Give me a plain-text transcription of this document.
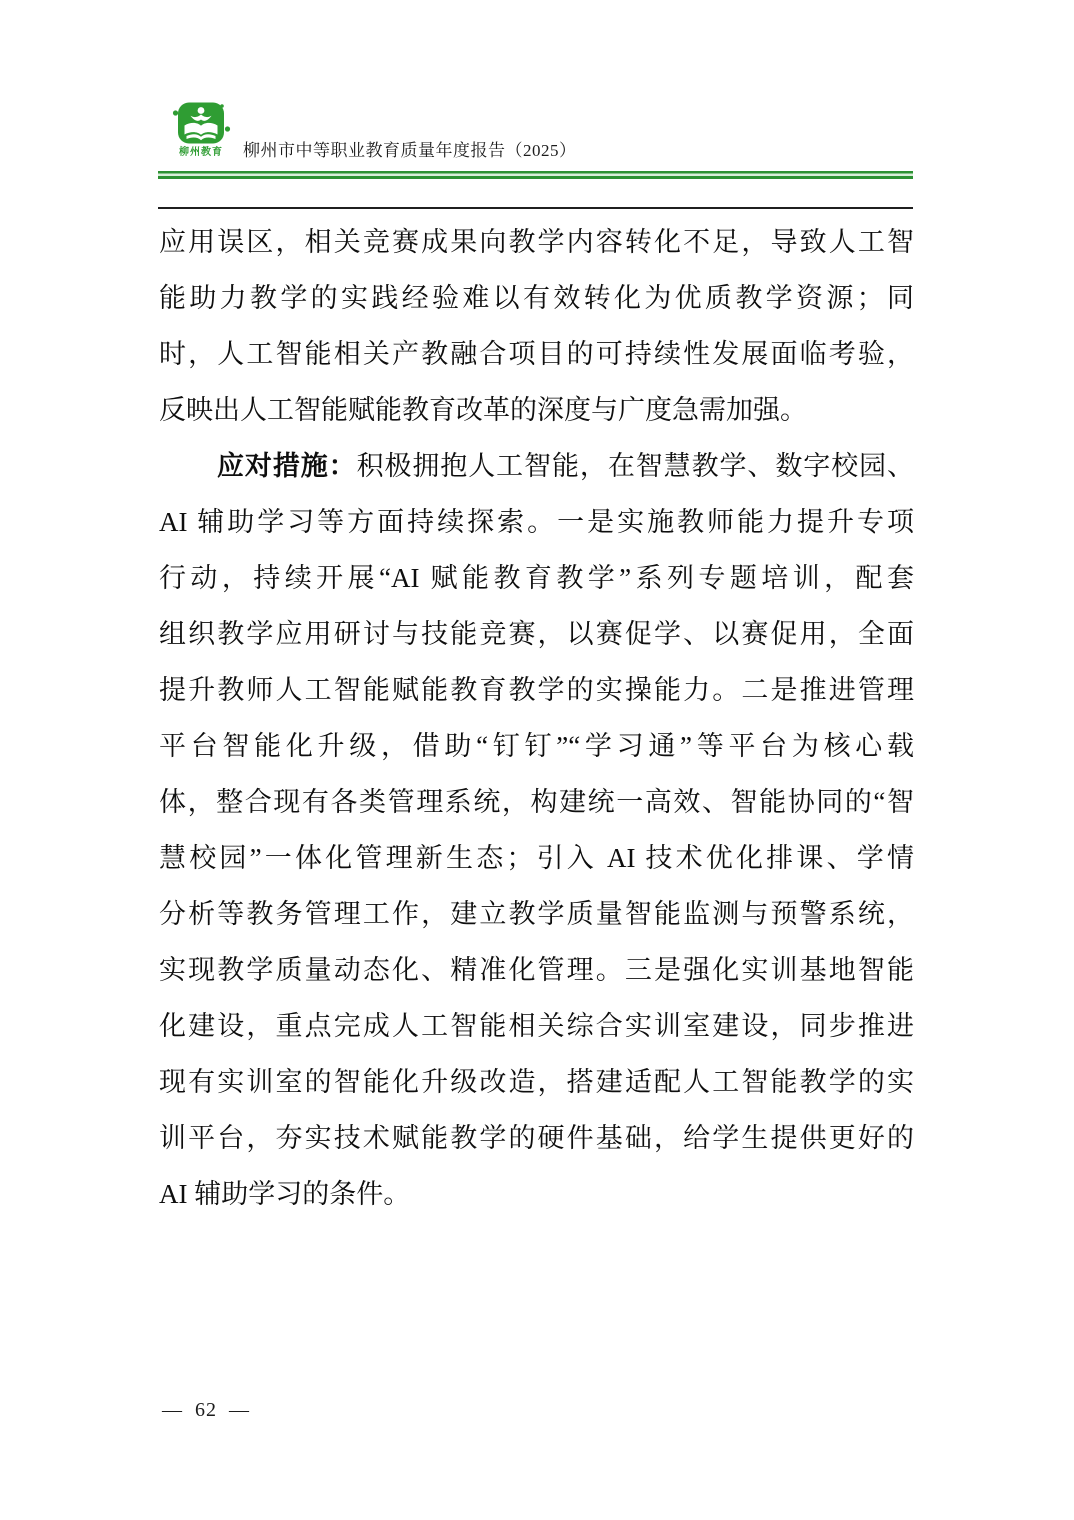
柳州教育	柳州市中等职业教育质量年度报告（2025）
应用误区，相关竞赛成果向教学内容转化不足，导致人工智
能助力教学的实践经验难以有效转化为优质教学资源；同
时，人工智能相关产教融合项目的可持续性发展面临考验，
反映出人工智能赋能教育改革的深度与广度急需加强。
应对措施：积极拥抱人工智能，在智慧教学、数字校园、
AI 辅助学习等方面持续探索。一是实施教师能力提升专项
行动，持续开展“AI 赋能教育教学”系列专题培训，配套
组织教学应用研讨与技能竞赛，以赛促学、以赛促用，全面
提升教师人工智能赋能教育教学的实操能力。二是推进管理
平台智能化升级，借助“钉钉”“学习通”等平台为核心载
体，整合现有各类管理系统，构建统一高效、智能协同的“智
慧校园”一体化管理新生态；引入 AI 技术优化排课、学情
分析等教务管理工作，建立教学质量智能监测与预警系统，
实现教学质量动态化、精准化管理。三是强化实训基地智能
化建设，重点完成人工智能相关综合实训室建设，同步推进
现有实训室的智能化升级改造，搭建适配人工智能教学的实
训平台，夯实技术赋能教学的硬件基础，给学生提供更好的
AI 辅助学习的条件。
— 62 —
